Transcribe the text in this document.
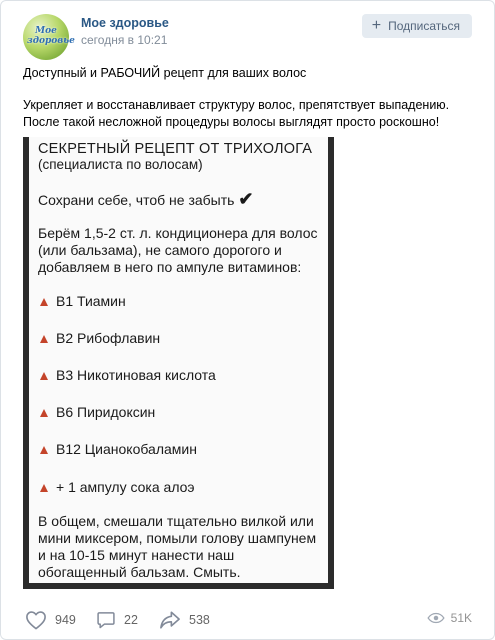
Мое здоровье
Мое здоровье
сегодня в 10:21
+ Подписаться
Доступный и РАБОЧИЙ рецепт для ваших волос
Укрепляет и восстанавливает структуру волос, препятствует выпадению. После такой несложной процедуры волосы выглядят просто роскошно!
СЕКРЕТНЫЙ РЕЦЕПТ ОТ ТРИХОЛОГА
(специалиста по волосам)
Сохрани себе, чтоб не забыть ✔
Берём 1,5-2 ст. л. кондиционера для волос (или бальзама), не самого дорогого и добавляем в него по ампуле витаминов:
B1 Тиамин
B2 Рибофлавин
B3 Никотиновая кислота
B6 Пиридоксин
B12 Цианокобаламин
+ 1 ампулу сока алоэ
В общем, смешали тщательно вилкой или мини миксером, помыли голову шампунем и на 10-15 минут нанести наш обогащенный бальзам. Смыть.
949	22	538	51K
